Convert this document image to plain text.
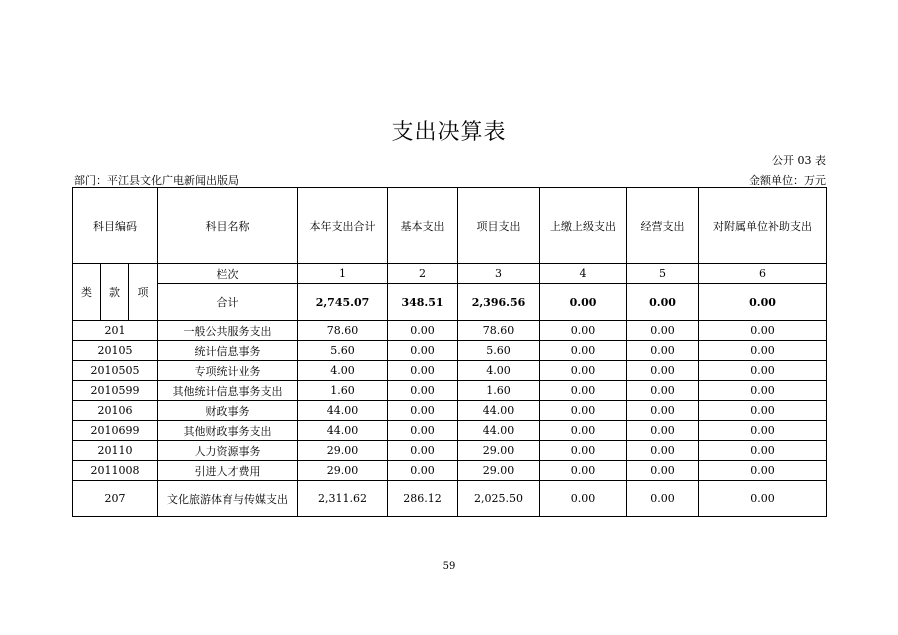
支出决算表
公开 03 表
部门：平江县文化广电新闻出版局	金额单位：万元
科目编码			科目名称	本年支出合计	基本支出	项目支出	上缴上级支出	经营支出	对附属单位补助支出
类	款	项	栏次	1	2	3	4	5	6
			合计	2,745.07	348.51	2,396.56	0.00	0.00	0.00
201			一般公共服务支出	78.60	0.00	78.60	0.00	0.00	0.00
20105			统计信息事务	5.60	0.00	5.60	0.00	0.00	0.00
2010505			专项统计业务	4.00	0.00	4.00	0.00	0.00	0.00
2010599			其他统计信息事务支出	1.60	0.00	1.60	0.00	0.00	0.00
20106			财政事务	44.00	0.00	44.00	0.00	0.00	0.00
2010699			其他财政事务支出	44.00	0.00	44.00	0.00	0.00	0.00
20110			人力资源事务	29.00	0.00	29.00	0.00	0.00	0.00
2011008			引进人才费用	29.00	0.00	29.00	0.00	0.00	0.00
207			文化旅游体育与传媒支出	2,311.62	286.12	2,025.50	0.00	0.00	0.00
59
